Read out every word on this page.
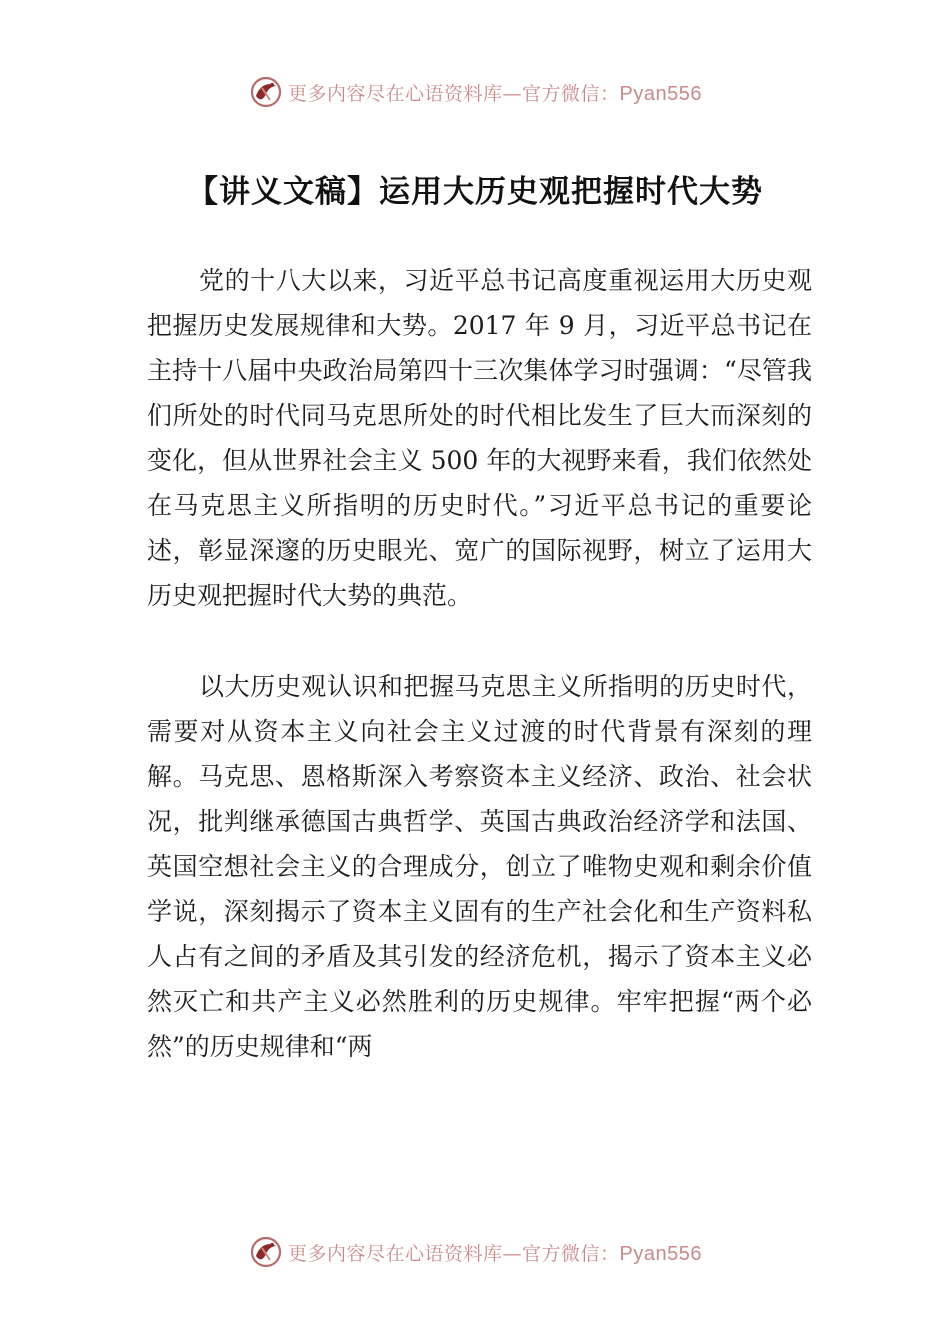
更多内容尽在心语资料库—官方微信：Pyan556
【讲义文稿】运用大历史观把握时代大势

党的十八大以来，习近平总书记高度重视运用大历史观把握历史发展规律和大势。2017 年 9 月，习近平总书记在主持十八届中央政治局第四十三次集体学习时强调：“尽管我们所处的时代同马克思所处的时代相比发生了巨大而深刻的变化，但从世界社会主义 500 年的大视野来看，我们依然处在马克思主义所指明的历史时代。”习近平总书记的重要论述，彰显深邃的历史眼光、宽广的国际视野，树立了运用大历史观把握时代大势的典范。

以大历史观认识和把握马克思主义所指明的历史时代，需要对从资本主义向社会主义过渡的时代背景有深刻的理解。马克思、恩格斯深入考察资本主义经济、政治、社会状况，批判继承德国古典哲学、英国古典政治经济学和法国、英国空想社会主义的合理成分，创立了唯物史观和剩余价值学说，深刻揭示了资本主义固有的生产社会化和生产资料私人占有之间的矛盾及其引发的经济危机，揭示了资本主义必然灭亡和共产主义必然胜利的历史规律。牢牢把握“两个必然”的历史规律和“两

更多内容尽在心语资料库—官方微信：Pyan556
